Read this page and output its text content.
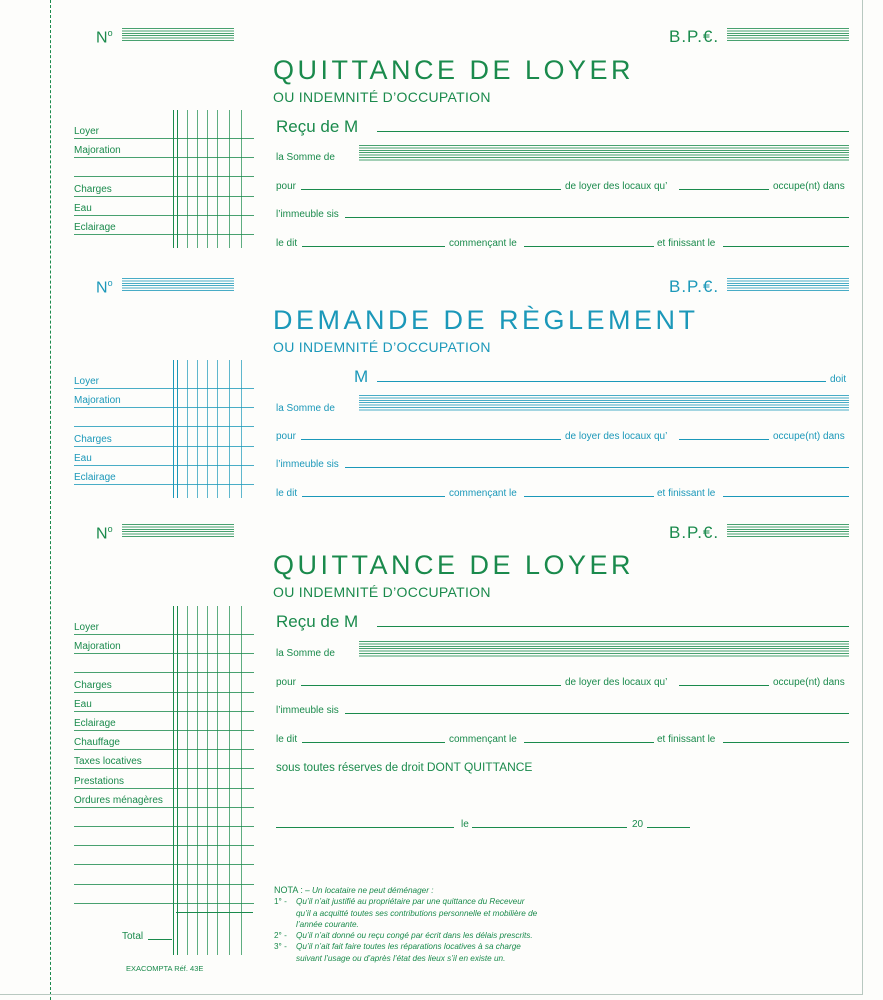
$N^o$	B.P.€.
QUITTANCE DE LOYER
OU INDEMNITÉ D’OCCUPATION
Reçu de M
la Somme de
pour	de loyer des locaux qu’	occupe(nt) dans
l’immeuble sis
le dit	commençant le	et finissant le
Loyer
Majoration
Charges
Eau
Eclairage
$N^o$	B.P.€.
DEMANDE DE RÈGLEMENT
OU INDEMNITÉ D’OCCUPATION
M	doit
la Somme de
pour	de loyer des locaux qu’	occupe(nt) dans
l’immeuble sis
le dit	commençant le	et finissant le
Loyer
Majoration
Charges
Eau
Eclairage
$N^o$	B.P.€.
QUITTANCE DE LOYER
OU INDEMNITÉ D’OCCUPATION
Reçu de M
la Somme de
pour	de loyer des locaux qu’	occupe(nt) dans
l’immeuble sis
le dit	commençant le	et finissant le
sous toutes réserves de droit DONT QUITTANCE
le	20
NOTA : – Un locataire ne peut déménager :
1° - Qu’il n’ait justifié au propriétaire par une quittance du Receveur
qu’il a acquitté toutes ses contributions personnelle et mobilière de
l’année courante.
2° - Qu’il n’ait donné ou reçu congé par écrit dans les délais prescrits.
3° - Qu’il n’ait fait faire toutes les réparations locatives à sa charge
suivant l’usage ou d’après l’état des lieux s’il en existe un.
Loyer
Majoration
Charges
Eau
Eclairage
Chauffage
Taxes locatives
Prestations
Ordures ménagères
Total
EXACOMPTA Réf. 43E
